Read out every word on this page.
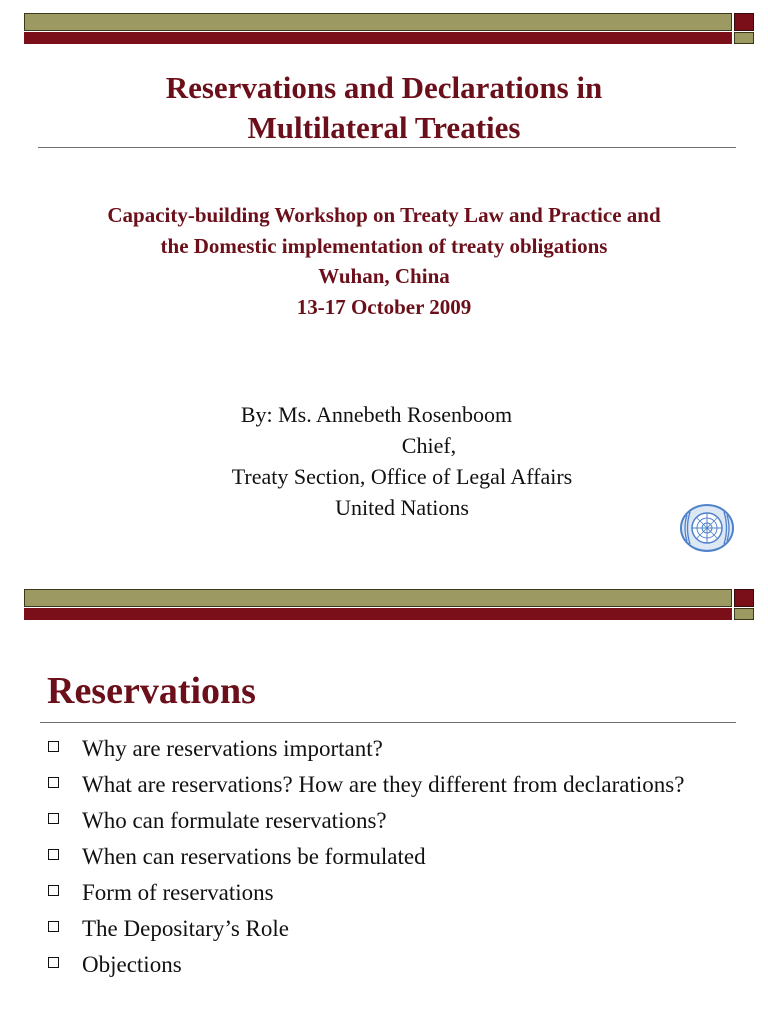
Reservations and Declarations in
Multilateral Treaties
Capacity-building Workshop on Treaty Law and Practice and
the Domestic implementation of treaty obligations
Wuhan, China
13-17 October 2009
By: Ms. Annebeth Rosenboom
Chief,
Treaty Section, Office of Legal Affairs
United Nations
Reservations
Why are reservations important?
What are reservations? How are they different from declarations?
Who can formulate reservations?
When can reservations be formulated
Form of reservations
The Depositary’s Role
Objections
